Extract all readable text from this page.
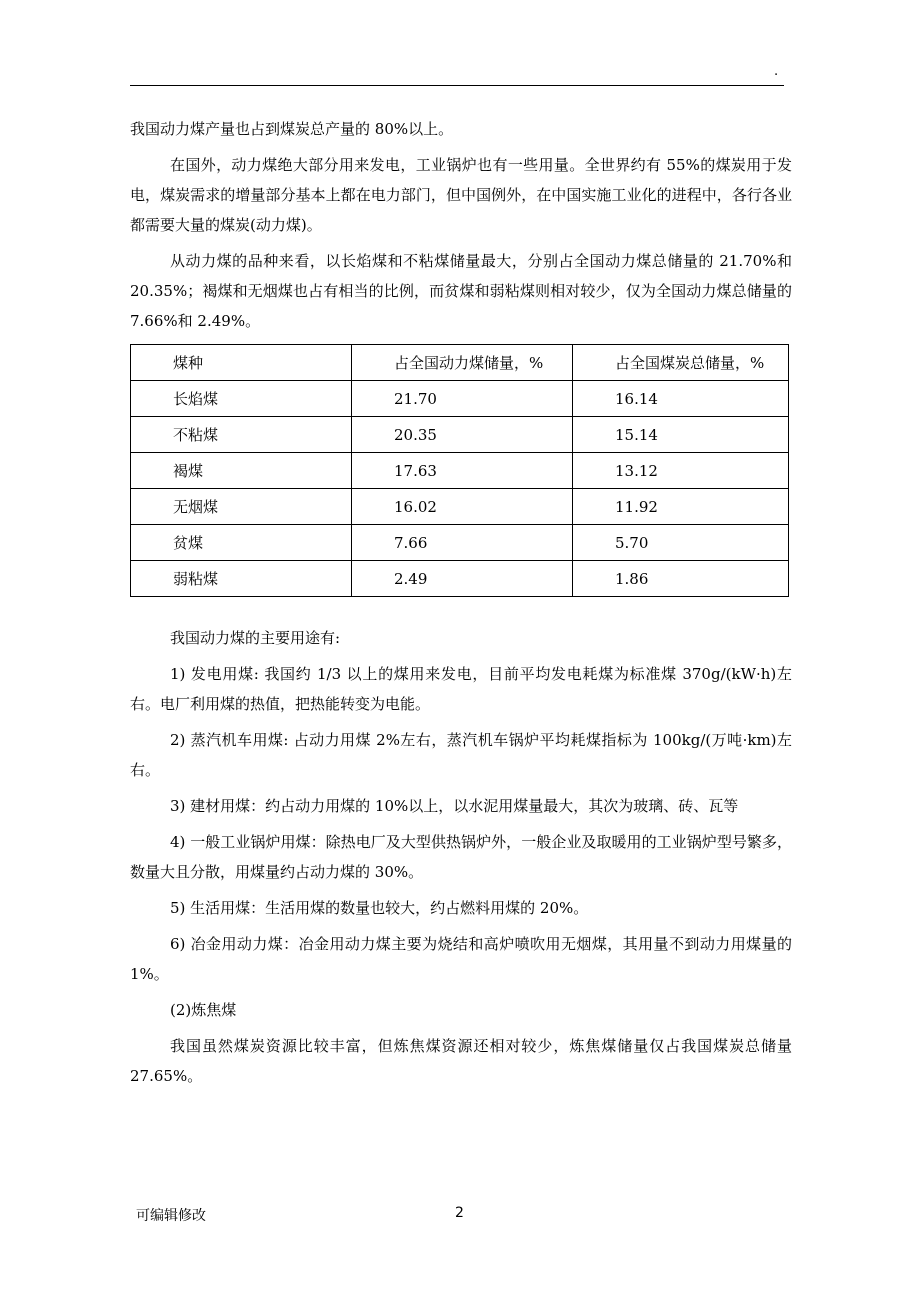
.

我国动力煤产量也占到煤炭总产量的 80%以上。

在国外，动力煤绝大部分用来发电，工业锅炉也有一些用量。全世界约有 55%的煤炭用于发电，煤炭需求的增量部分基本上都在电力部门，但中国例外，在中国实施工业化的进程中，各行各业都需要大量的煤炭(动力煤)。

从动力煤的品种来看，以长焰煤和不粘煤储量最大，分别占全国动力煤总储量的 21.70%和 20.35%；褐煤和无烟煤也占有相当的比例，而贫煤和弱粘煤则相对较少，仅为全国动力煤总储量的 7.66%和 2.49%。

煤种	占全国动力煤储量，%	占全国煤炭总储量，%
长焰煤	21.70	16.14
不粘煤	20.35	15.14
褐煤	17.63	13.12
无烟煤	16.02	11.92
贫煤	7.66	5.70
弱粘煤	2.49	1.86

我国动力煤的主要用途有:

1) 发电用煤: 我国约 1/3 以上的煤用来发电，目前平均发电耗煤为标准煤 370g/(kW·h)左右。电厂利用煤的热值，把热能转变为电能。

2) 蒸汽机车用煤: 占动力用煤 2%左右，蒸汽机车锅炉平均耗煤指标为 100kg/(万吨·km)左右。

3) 建材用煤：约占动力用煤的 10%以上，以水泥用煤量最大，其次为玻璃、砖、瓦等

4) 一般工业锅炉用煤：除热电厂及大型供热锅炉外，一般企业及取暖用的工业锅炉型号繁多，数量大且分散，用煤量约占动力煤的 30%。

5) 生活用煤：生活用煤的数量也较大，约占燃料用煤的 20%。

6) 冶金用动力煤：冶金用动力煤主要为烧结和高炉喷吹用无烟煤，其用量不到动力用煤量的 1%。

(2)炼焦煤

我国虽然煤炭资源比较丰富，但炼焦煤资源还相对较少，炼焦煤储量仅占我国煤炭总储量 27.65%。

可编辑修改	2
